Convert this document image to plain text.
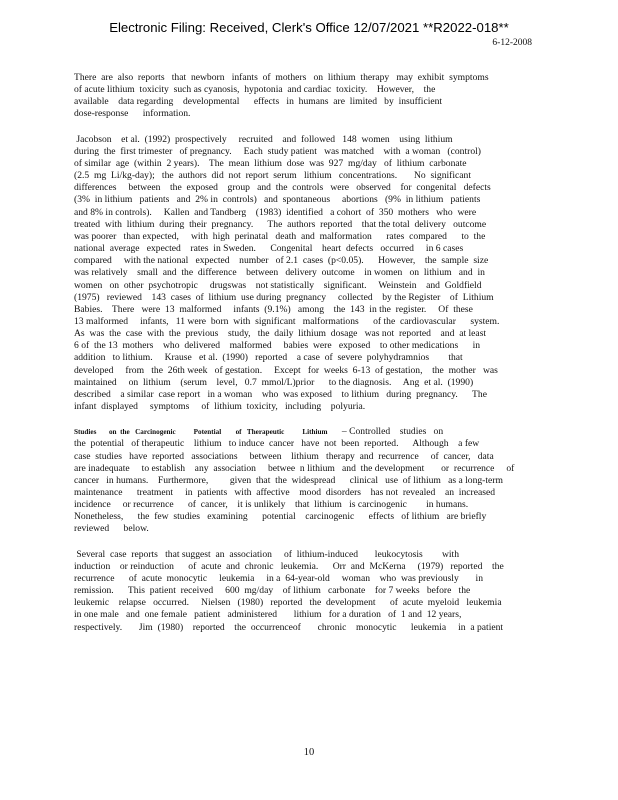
Electronic Filing: Received, Clerk's Office 12/07/2021 **R2022-018**
6-12-2008
There  are  also  reports   that  newborn   infants  of  mothers   on  lithium  therapy   may  exhibit  symptoms
of acute lithium  toxicity  such as cyanosis,  hypotonia  and cardiac  toxicity.    However,    the
available    data regarding    developmental      effects   in  humans  are  limited   by  insufficient
dose-response      information.
Jacobson    et al.  (1992)  prospectively     recruited    and  followed   148  women    using  lithium
during  the  first trimester   of pregnancy.     Each  study patient   was matched    with  a woman   (control)
of similar  age  (within  2 years).    The  mean  lithium  dose  was  927  mg/day   of  lithium  carbonate
(2.5  mg  Li/kg-day);   the  authors  did  not  report  serum   lithium   concentrations.       No  significant
differences     between    the  exposed    group   and  the  controls   were   observed    for  congenital   defects
(3%  in lithium   patients   and  2% in  controls)   and  spontaneous     abortions   (9%  in lithium   patients
and 8% in controls).     Kallen  and Tandberg    (1983)  identified   a cohort  of  350  mothers   who  were
treated  with  lithium  during  their  pregnancy.      The  authors  reported    that the total  delivery   outcome
was poorer   than expected,     with  high  perinatal   death  and  malformation      rates  compared      to  the
national  average   expected    rates  in Sweden.      Congenital    heart  defects   occurred     in 6 cases
compared     with the national   expected    number   of 2.1  cases  (p<0.05).      However,    the  sample  size
was relatively    small  and  the  difference    between   delivery  outcome    in women   on  lithium   and  in
women   on  other  psychotropic     drugswas    not statistically    significant.     Weinstein    and  Goldfield
(1975)   reviewed    143  cases  of  lithium  use during  pregnancy     collected    by the Register    of  Lithium
Babies.    There   were  13  malformed     infants  (9.1%)   among    the  143  in the  register.     Of  these
13 malformed     infants,   11 were  born  with  significant   malformations      of the  cardiovascular      system.
As  was  the  case  with  the  previous    study,   the  daily  lithium  dosage   was not  reported    and  at least
6 of  the 13  mothers    who  delivered    malformed     babies  were   exposed    to other medications      in
addition   to lithium.     Krause   et al.  (1990)   reported    a case  of  severe  polyhydramnios        that
developed     from   the  26th week   of gestation.     Except   for  weeks  6-13  of gestation,    the  mother   was
maintained     on  lithium    (serum    level,   0.7  mmol/L)prior      to the diagnosis.     Ang  et al.  (1990)
described    a similar  case report   in a woman    who  was exposed    to lithium   during  pregnancy.      The
infant  displayed     symptoms     of  lithium  toxicity,   including    polyuria.
Studies       on  the   Carcinogenic          Potential        of   Therapeutic          Lithium      – Controlled    studies   on
the  potential   of therapeutic    lithium   to induce  cancer   have  not  been  reported.      Although    a few
case  studies   have  reported   associations     between    lithium   therapy  and  recurrence     of  cancer,   data
are inadequate     to establish    any  association     betwee  n lithium   and  the development       or  recurrence     of
cancer   in humans.    Furthermore,         given  that  the  widespread      clinical   use  of lithium   as a long-term
maintenance      treatment     in  patients   with  affective    mood  disorders    has not  revealed    an  increased
incidence     or recurrence      of  cancer,    it is unlikely    that  lithium   is carcinogenic        in humans.
Nonetheless,      the  few  studies   examining      potential    carcinogenic      effects   of lithium   are briefly
reviewed      below.
Several  case  reports   that suggest  an  association     of  lithium-induced       leukocytosis        with
induction    or reinduction      of  acute  and  chronic   leukemia.      Orr  and  McKerna     (1979)   reported    the
recurrence      of  acute  monocytic     leukemia     in a  64-year-old     woman    who  was previously       in
remission.      This  patient  received     600  mg/day    of lithium   carbonate    for 7 weeks   before   the
leukemic    relapse   occurred.     Nielsen   (1980)   reported   the  development      of  acute  myeloid   leukemia
in one male   and  one female   patient   administered       lithium   for a duration   of  1 and  12 years,
respectively.       Jim  (1980)    reported    the  occurrenceof       chronic    monocytic      leukemia     in  a patient
10
